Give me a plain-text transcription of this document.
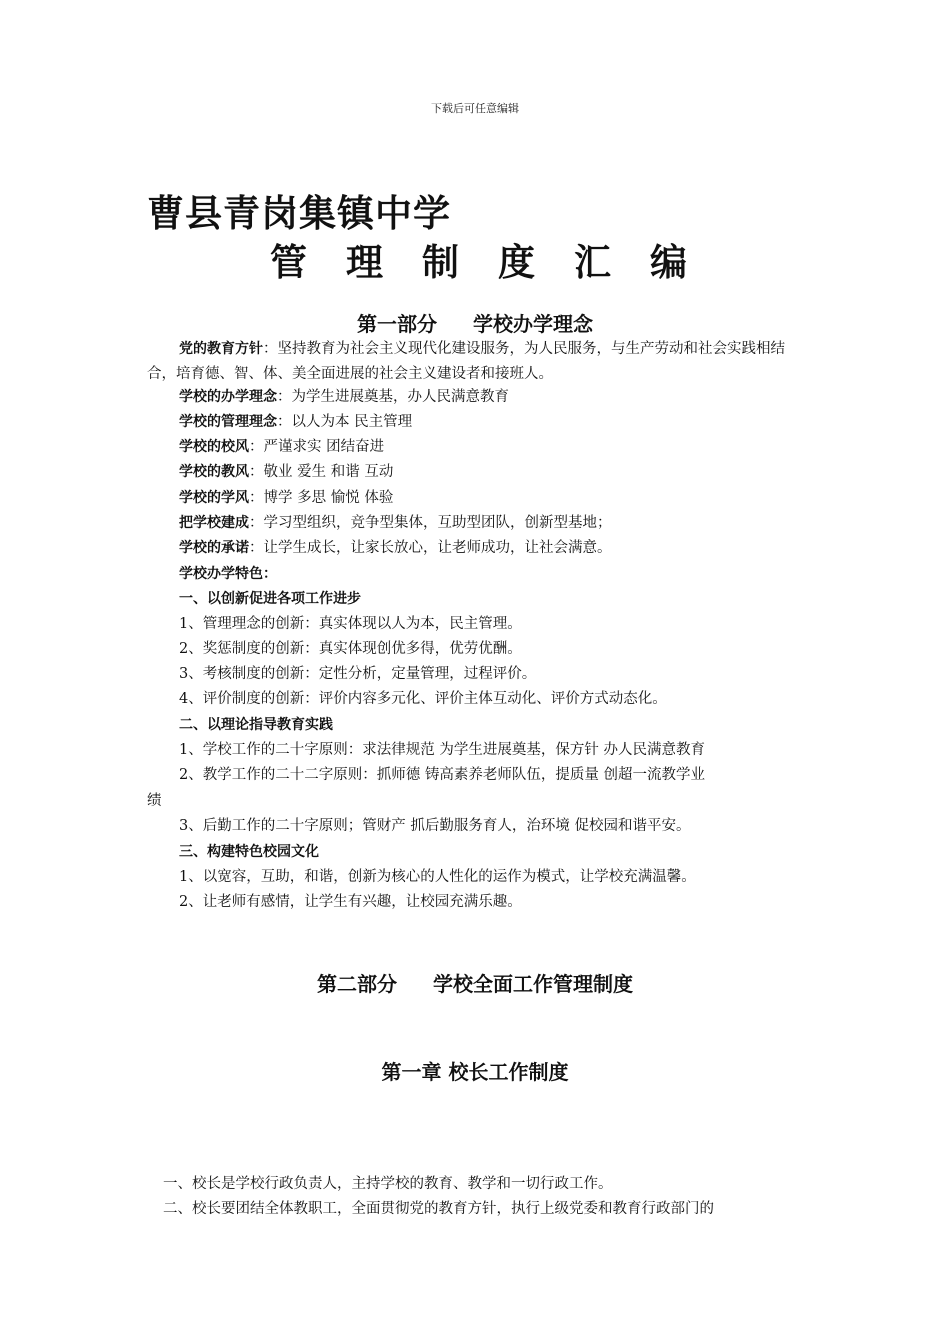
下载后可任意编辑
曹县青岗集镇中学
管理制度汇编
第一部分 学校办学理念

党的教育方针：坚持教育为社会主义现代化建设服务，为人民服务，与生产劳动和社会实践相结合，培育德、智、体、美全面进展的社会主义建设者和接班人。

学校的办学理念：为学生进展奠基，办人民满意教育
学校的管理理念：以人为本 民主管理
学校的校风：严谨求实 团结奋进
学校的教风：敬业 爱生 和谐 互动
学校的学风：博学 多思 愉悦 体验
把学校建成：学习型组织，竞争型集体，互助型团队，创新型基地；
学校的承诺：让学生成长，让家长放心，让老师成功，让社会满意。
学校办学特色：
一、以创新促进各项工作进步
1、管理理念的创新：真实体现以人为本，民主管理。
2、奖惩制度的创新：真实体现创优多得，优劳优酬。
3、考核制度的创新：定性分析，定量管理，过程评价。
4、评价制度的创新：评价内容多元化、评价主体互动化、评价方式动态化。
二、以理论指导教育实践
1、学校工作的二十字原则：求法律规范 为学生进展奠基，保方针 办人民满意教育
2、教学工作的二十二字原则：抓师德 铸高素养老师队伍，提质量 创超一流教学业
绩
3、后勤工作的二十字原则；管财产 抓后勤服务育人，治环境 促校园和谐平安。
三、构建特色校园文化
1、以宽容，互助，和谐，创新为核心的人性化的运作为模式，让学校充满温馨。
2、让老师有感情，让学生有兴趣，让校园充满乐趣。
第二部分 学校全面工作管理制度
第一章 校长工作制度
一、校长是学校行政负责人，主持学校的教育、教学和一切行政工作。
二、校长要团结全体教职工，全面贯彻党的教育方针，执行上级党委和教育行政部门的
